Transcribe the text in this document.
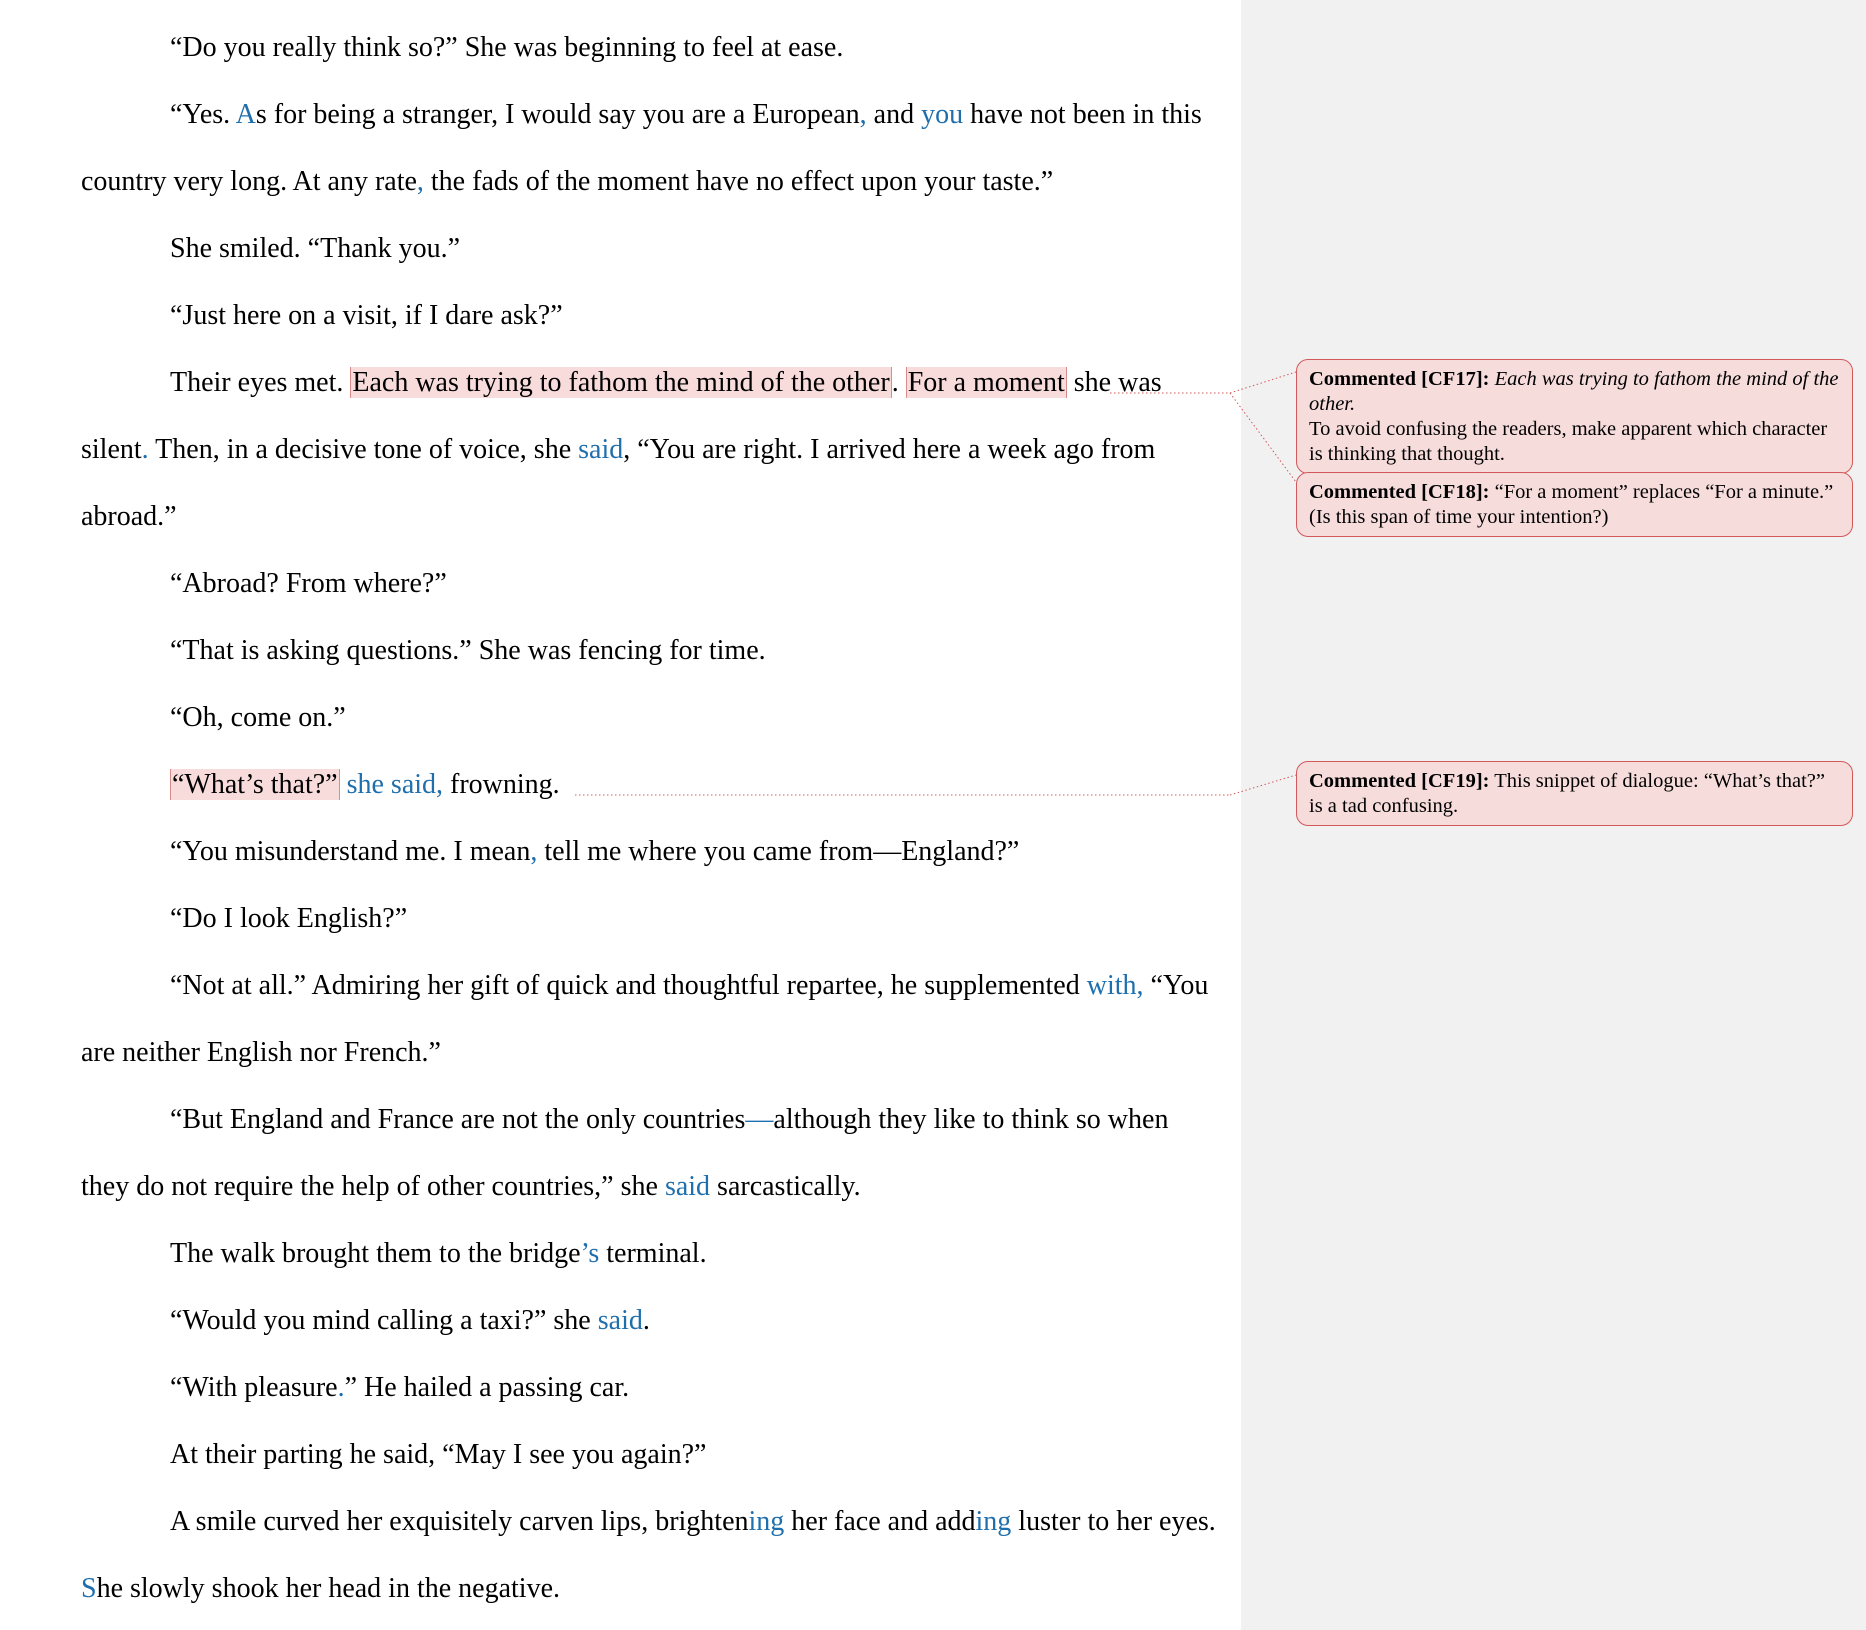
“Do you really think so?” She was beginning to feel at ease.

“Yes. As for being a stranger, I would say you are a European, and you have not been in this country very long. At any rate, the fads of the moment have no effect upon your taste.”

She smiled. “Thank you.”

“Just here on a visit, if I dare ask?”

Their eyes met. Each was trying to fathom the mind of the other. For a moment she was silent. Then, in a decisive tone of voice, she said, “You are right. I arrived here a week ago from abroad.”

“Abroad? From where?”

“That is asking questions.” She was fencing for time.

“Oh, come on.”

“What’s that?” she said, frowning.

“You misunderstand me. I mean, tell me where you came from—England?”

“Do I look English?”

“Not at all.” Admiring her gift of quick and thoughtful repartee, he supplemented with, “You are neither English nor French.”

“But England and France are not the only countries—although they like to think so when they do not require the help of other countries,” she said sarcastically.

The walk brought them to the bridge’s terminal.

“Would you mind calling a taxi?” she said.

“With pleasure.” He hailed a passing car.

At their parting he said, “May I see you again?”

A smile curved her exquisitely carven lips, brightening her face and adding luster to her eyes. She slowly shook her head in the negative.

Commented [CF17]: Each was trying to fathom the mind of the other.
To avoid confusing the readers, make apparent which character is thinking that thought.
Commented [CF18]: “For a moment” replaces “For a minute.” (Is this span of time your intention?)
Commented [CF19]: This snippet of dialogue: “What’s that?” is a tad confusing.
